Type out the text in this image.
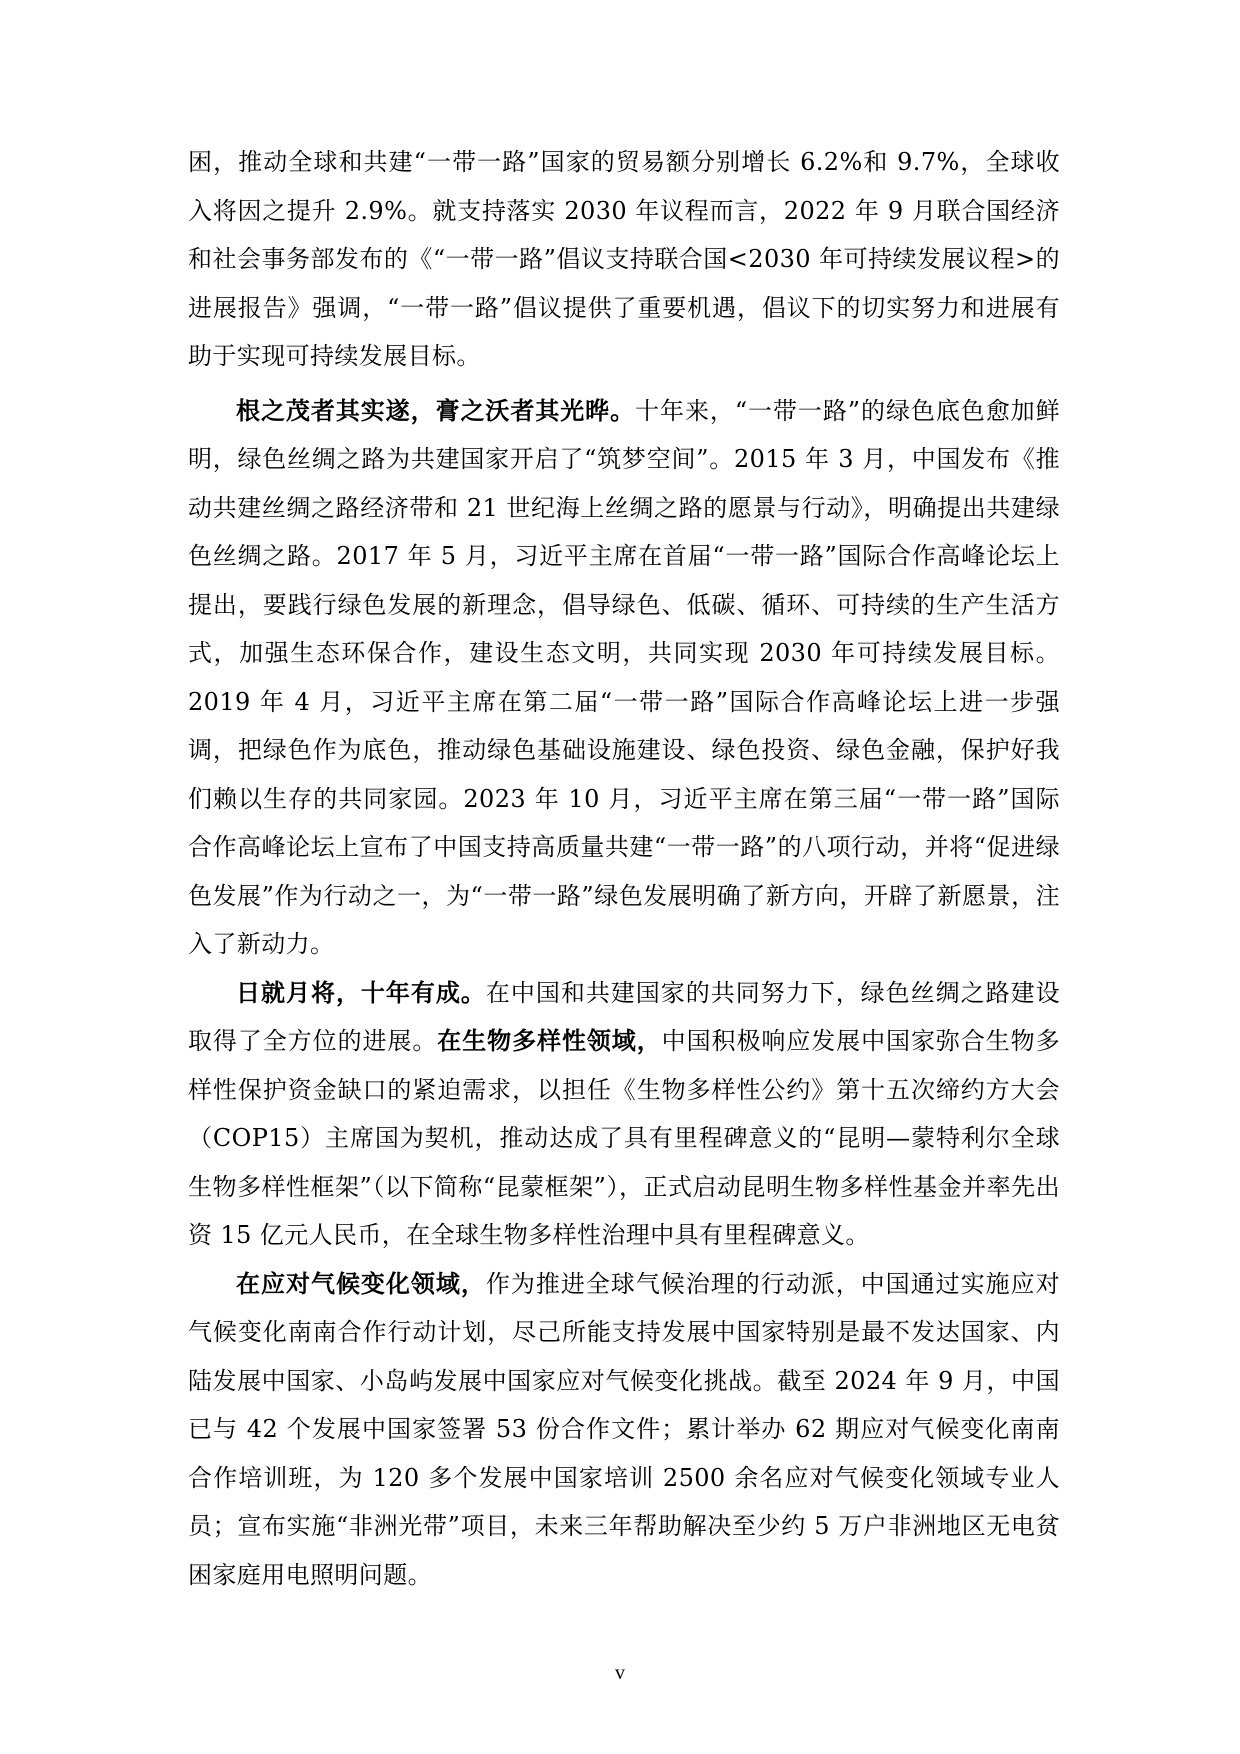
困，推动全球和共建“一带一路”国家的贸易额分别增长 6.2%和 9.7%，全球收入将因之提升 2.9%。就支持落实 2030 年议程而言，2022 年 9 月联合国经济和社会事务部发布的《“一带一路”倡议支持联合国<2030 年可持续发展议程>的进展报告》强调，“一带一路”倡议提供了重要机遇，倡议下的切实努力和进展有助于实现可持续发展目标。

根之茂者其实遂，膏之沃者其光晔。十年来，“一带一路”的绿色底色愈加鲜明，绿色丝绸之路为共建国家开启了“筑梦空间”。2015 年 3 月，中国发布《推动共建丝绸之路经济带和 21 世纪海上丝绸之路的愿景与行动》，明确提出共建绿色丝绸之路。2017 年 5 月，习近平主席在首届“一带一路”国际合作高峰论坛上提出，要践行绿色发展的新理念，倡导绿色、低碳、循环、可持续的生产生活方式，加强生态环保合作，建设生态文明，共同实现 2030 年可持续发展目标。2019 年 4 月，习近平主席在第二届“一带一路”国际合作高峰论坛上进一步强调，把绿色作为底色，推动绿色基础设施建设、绿色投资、绿色金融，保护好我们赖以生存的共同家园。2023 年 10 月，习近平主席在第三届“一带一路”国际合作高峰论坛上宣布了中国支持高质量共建“一带一路”的八项行动，并将“促进绿色发展”作为行动之一，为“一带一路”绿色发展明确了新方向，开辟了新愿景，注入了新动力。

日就月将，十年有成。在中国和共建国家的共同努力下，绿色丝绸之路建设取得了全方位的进展。在生物多样性领域，中国积极响应发展中国家弥合生物多样性保护资金缺口的紧迫需求，以担任《生物多样性公约》第十五次缔约方大会（COP15）主席国为契机，推动达成了具有里程碑意义的“昆明—蒙特利尔全球生物多样性框架”（以下简称“昆蒙框架”），正式启动昆明生物多样性基金并率先出资 15 亿元人民币，在全球生物多样性治理中具有里程碑意义。

在应对气候变化领域，作为推进全球气候治理的行动派，中国通过实施应对气候变化南南合作行动计划，尽己所能支持发展中国家特别是最不发达国家、内陆发展中国家、小岛屿发展中国家应对气候变化挑战。截至 2024 年 9 月，中国已与 42 个发展中国家签署 53 份合作文件；累计举办 62 期应对气候变化南南合作培训班，为 120 多个发展中国家培训 2500 余名应对气候变化领域专业人员；宣布实施“非洲光带”项目，未来三年帮助解决至少约 5 万户非洲地区无电贫困家庭用电照明问题。

v
